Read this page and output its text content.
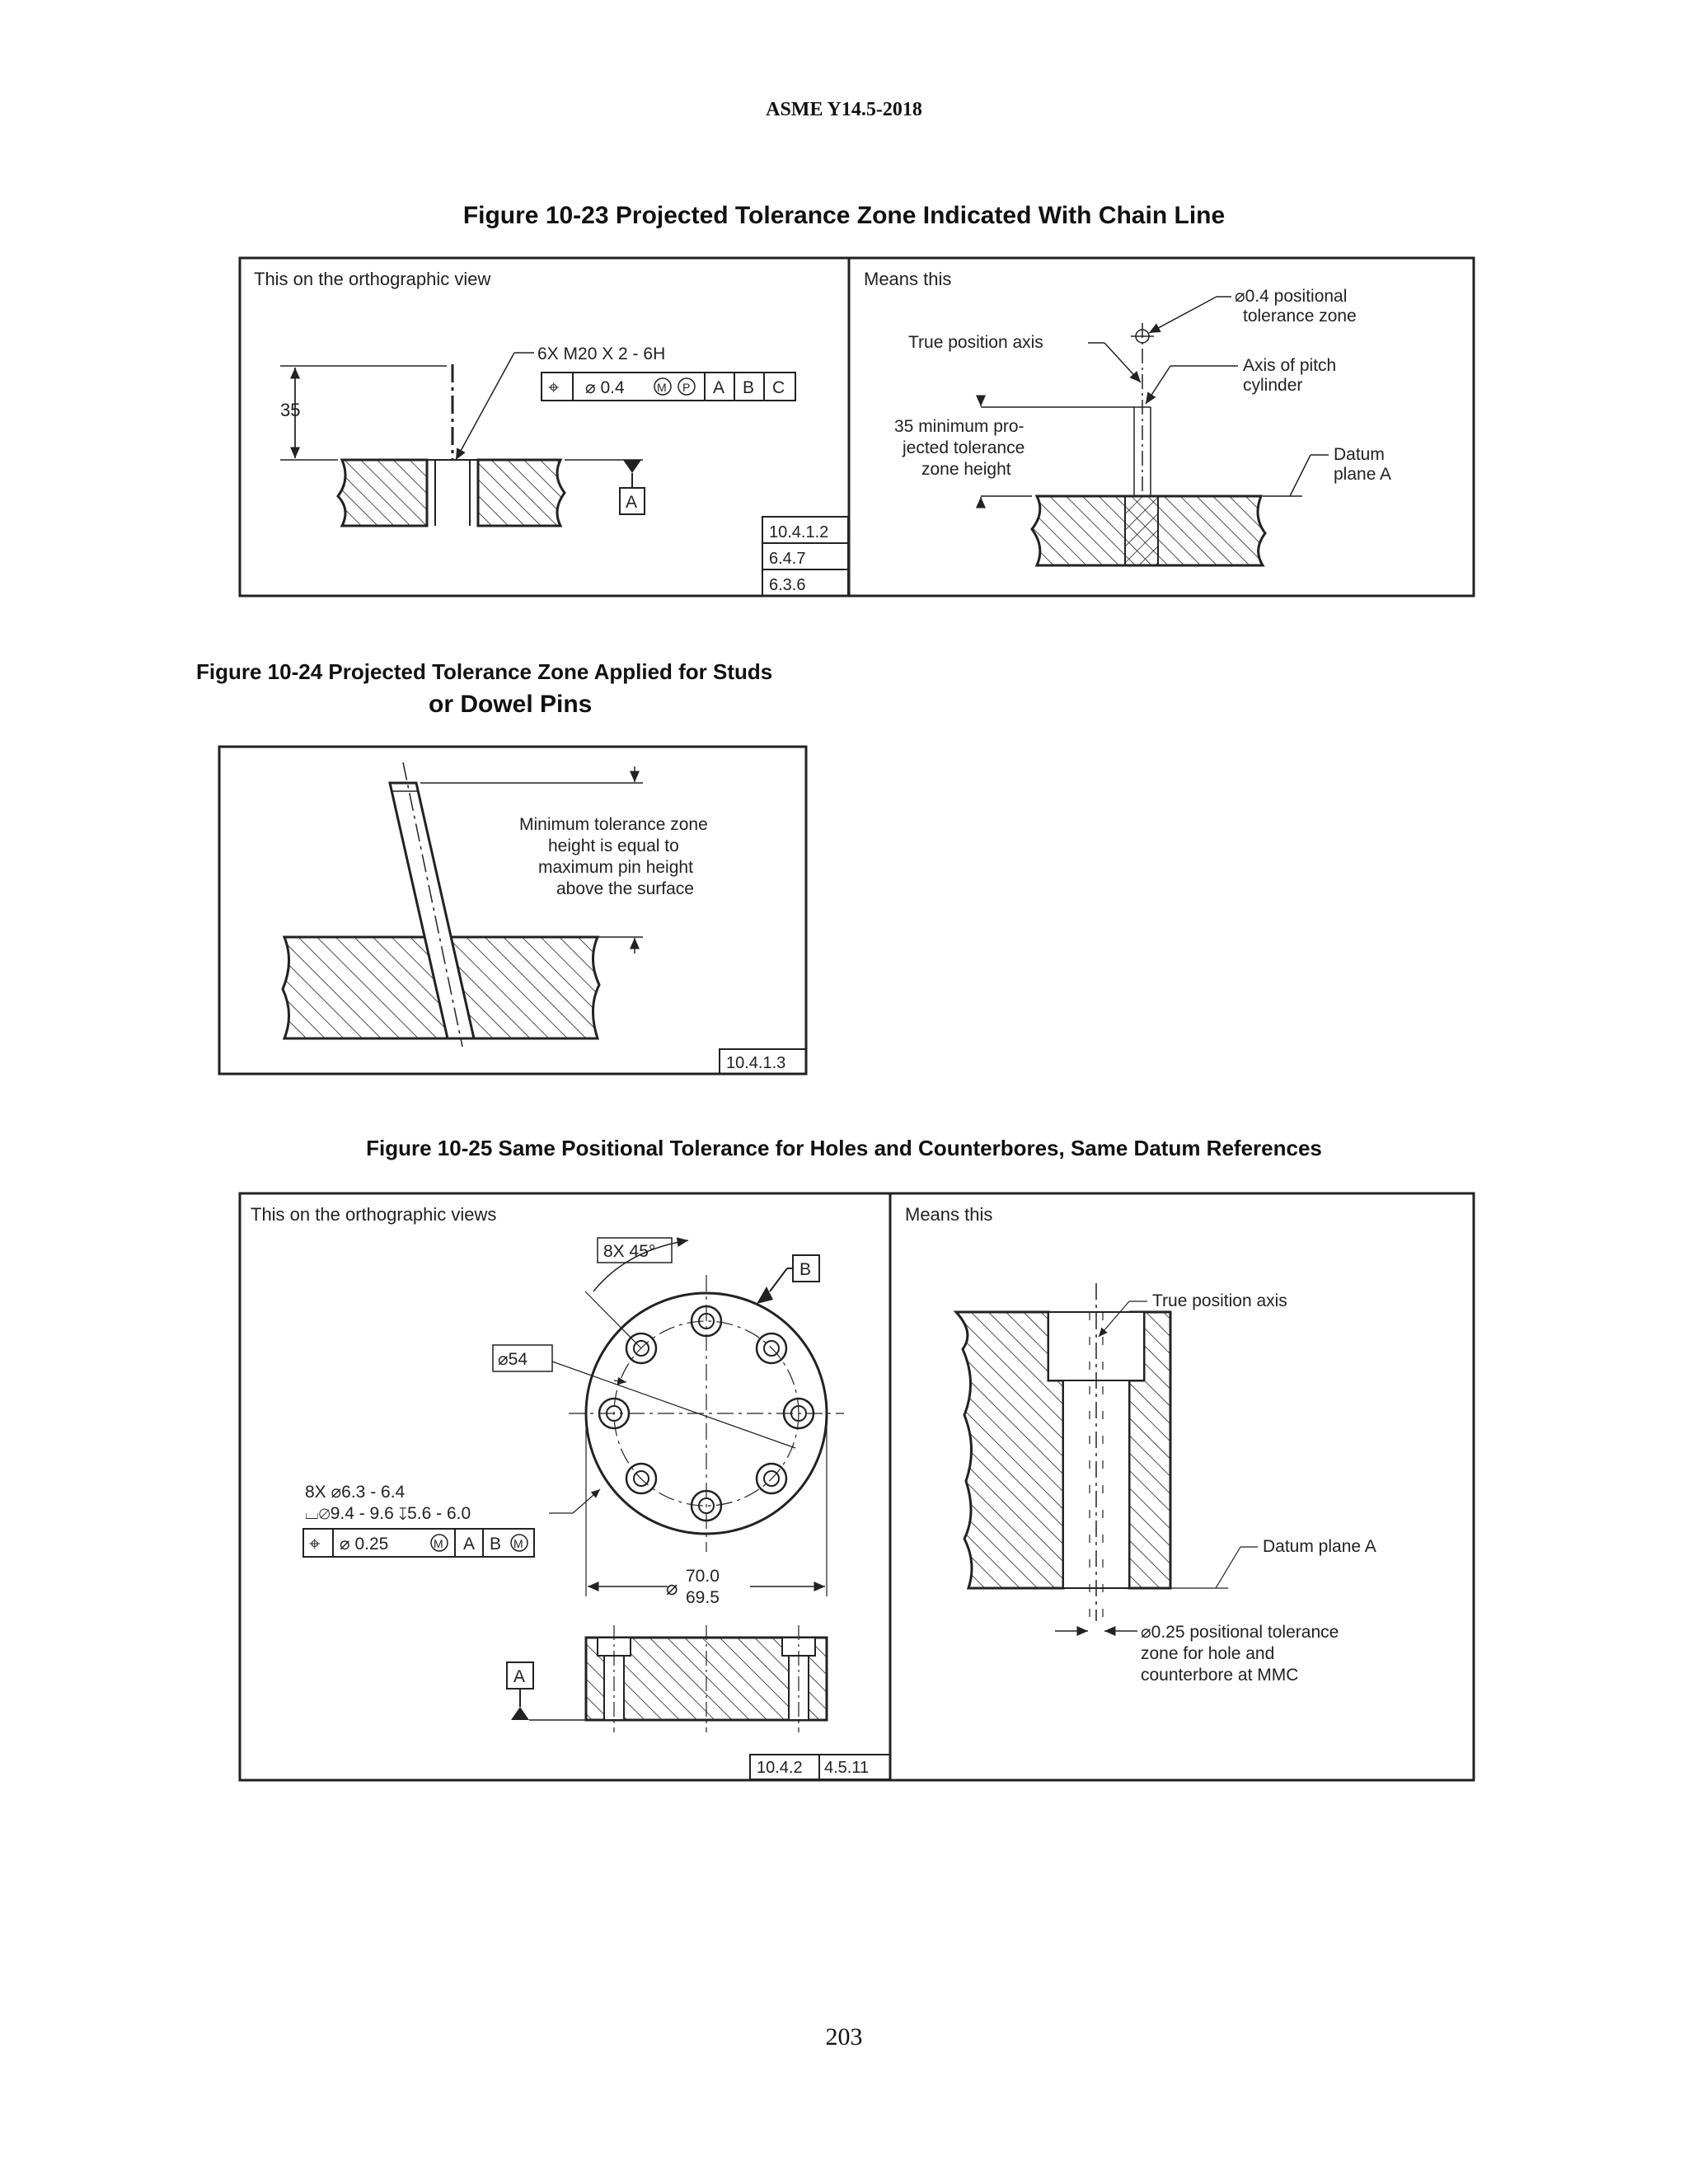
ASME Y14.5-2018
Figure 10-23 Projected Tolerance Zone Indicated With Chain Line
This on the orthographic view	Means this
35
6X M20 X 2 - 6H
⌖ ⌀ 0.4	M P A B C
A
10.4.1.2
6.4.7
6.3.6
35 minimum pro-
jected tolerance
zone height
⌀0.4 positional
tolerance zone
True position axis
Axis of pitch
cylinder
Datum
plane A
Figure 10-24 Projected Tolerance Zone Applied for Studs
or Dowel Pins
Minimum tolerance zone
height is equal to
maximum pin height
above the surface
10.4.1.3
Figure 10-25 Same Positional Tolerance for Holes and Counterbores, Same Datum References
This on the orthographic views	Means this
8X 45°
B
⌀54
8X ⌀6.3 - 6.4
⌴⌀9.4 - 9.6 ↧5.6 - 6.0
⌖ ⌀ 0.25	M A B M
⌀
70.0
69.5
A
10.4.2 4.5.11
True position axis
Datum plane A
⌀0.25 positional tolerance
zone for hole and
counterbore at MMC
203
